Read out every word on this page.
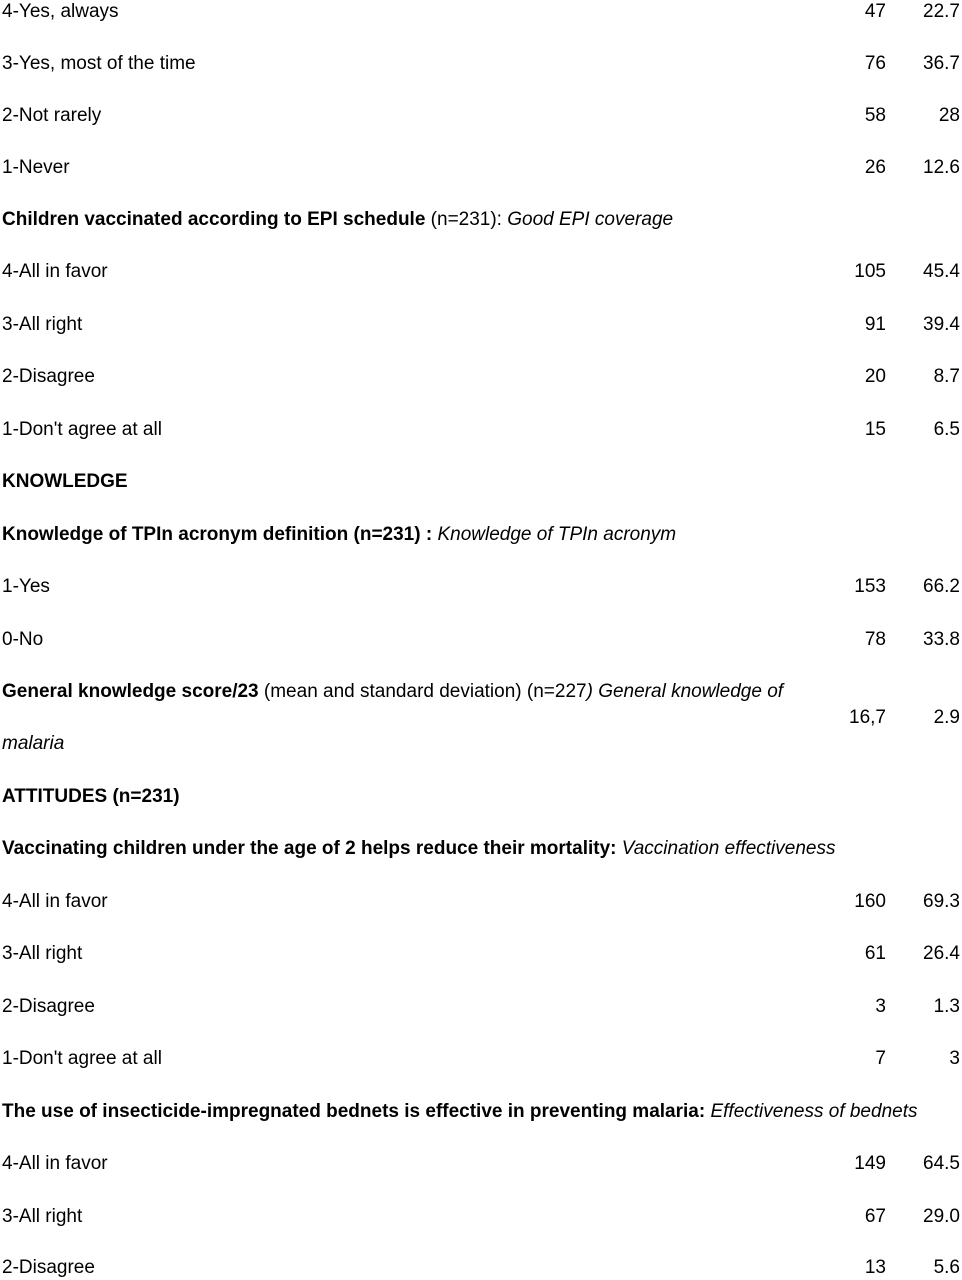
4-Yes, always	47 22.7
3-Yes, most of the time	76 36.7
2-Not rarely	58	28
1-Never	26 12.6
Children vaccinated according to EPI schedule (n=231): Good EPI coverage
4-All in favor	105 45.4
3-All right	91 39.4
2-Disagree	20	8.7
1-Don't agree at all	15	6.5
KNOWLEDGE
Knowledge of TPIn acronym definition (n=231) : Knowledge of TPIn acronym
1-Yes	153 66.2
0-No	78 33.8
General knowledge score/23 (mean and standard deviation) (n=227) General knowledge of malaria
16,7	2.9
ATTITUDES (n=231)
Vaccinating children under the age of 2 helps reduce their mortality: Vaccination effectiveness
4-All in favor	160 69.3
3-All right	61 26.4
2-Disagree	3	1.3
1-Don't agree at all	7	3
The use of insecticide-impregnated bednets is effective in preventing malaria: Effectiveness of bednets
4-All in favor	149 64.5
3-All right	67 29.0
2-Disagree	13	5.6
